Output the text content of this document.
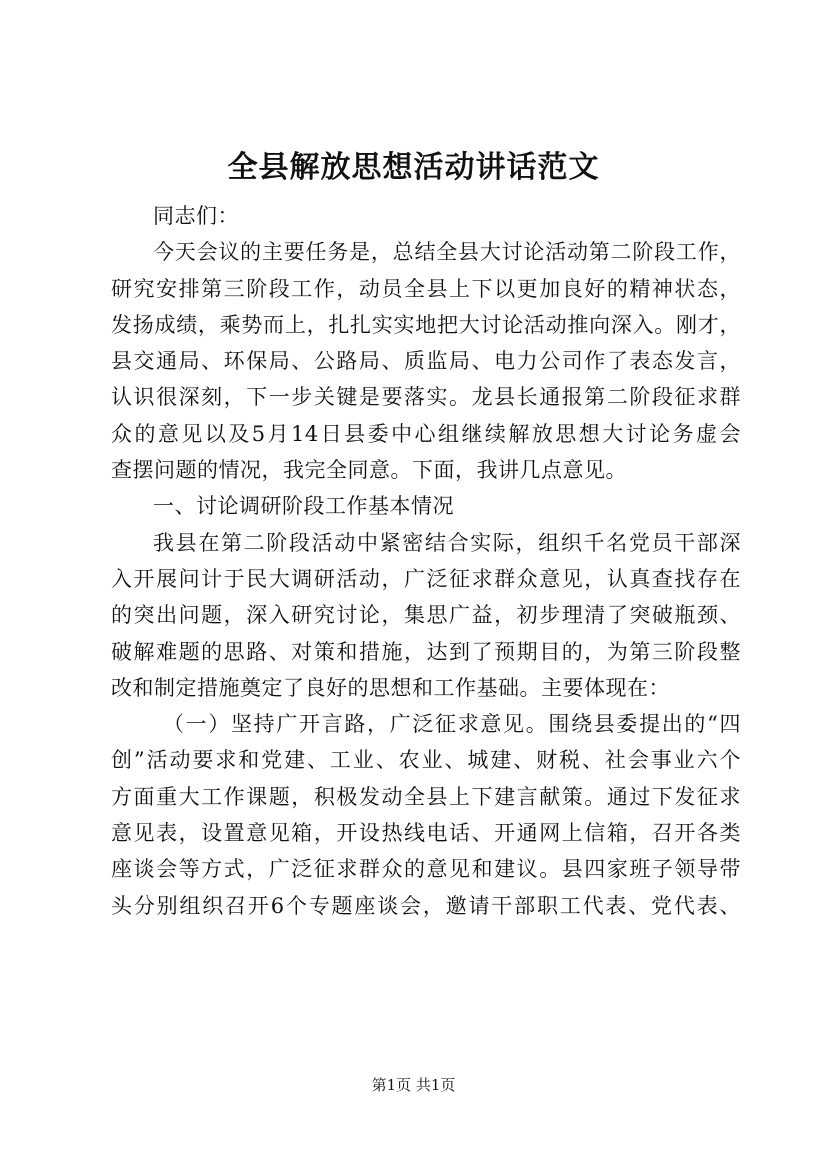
全县解放思想活动讲话范文
同志们：
今天会议的主要任务是，总结全县大讨论活动第二阶段工作，
研究安排第三阶段工作，动员全县上下以更加良好的精神状态，
发扬成绩，乘势而上，扎扎实实地把大讨论活动推向深入。刚才，
县交通局、环保局、公路局、质监局、电力公司作了表态发言，
认识很深刻，下一步关键是要落实。龙县长通报第二阶段征求群
众的意见以及5月14日县委中心组继续解放思想大讨论务虚会
查摆问题的情况，我完全同意。下面，我讲几点意见。
一、讨论调研阶段工作基本情况
我县在第二阶段活动中紧密结合实际，组织千名党员干部深
入开展问计于民大调研活动，广泛征求群众意见，认真查找存在
的突出问题，深入研究讨论，集思广益，初步理清了突破瓶颈、
破解难题的思路、对策和措施，达到了预期目的，为第三阶段整
改和制定措施奠定了良好的思想和工作基础。主要体现在：
（一）坚持广开言路，广泛征求意见。围绕县委提出的“四
创”活动要求和党建、工业、农业、城建、财税、社会事业六个
方面重大工作课题，积极发动全县上下建言献策。通过下发征求
意见表，设置意见箱，开设热线电话、开通网上信箱，召开各类
座谈会等方式，广泛征求群众的意见和建议。县四家班子领导带
头分别组织召开6个专题座谈会，邀请干部职工代表、党代表、
第1页 共1页
